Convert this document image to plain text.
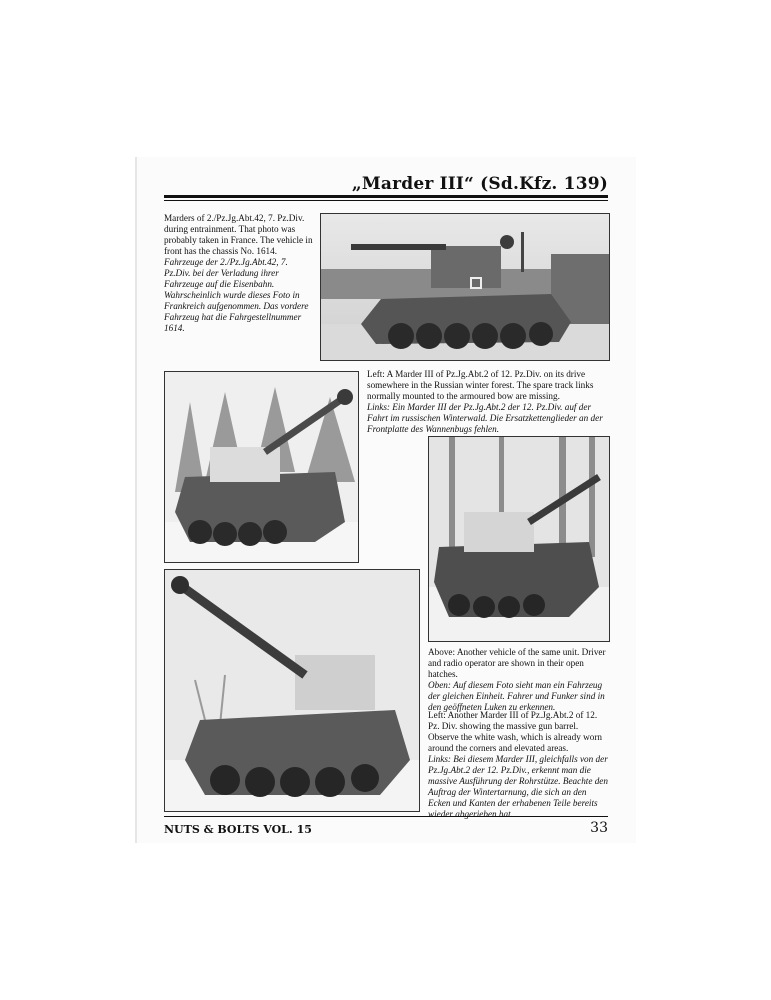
„Marder III“ (Sd.Kfz. 139)

Marders of 2./Pz.Jg.Abt.42, 7. Pz.Div. during entrainment. That photo was probably taken in France. The vehicle in front has the chassis No. 1614.

Fahrzeuge der 2./Pz.Jg.Abt.42, 7. Pz.Div. bei der Verladung ihrer Fahrzeuge auf die Eisenbahn. Wahrscheinlich wurde dieses Foto in Frankreich aufgenommen. Das vordere Fahrzeug hat die Fahrgestellnummer 1614.

Left: A Marder III of Pz.Jg.Abt.2 of 12. Pz.Div. on its drive somewhere in the Russian winter forest. The spare track links normally mounted to the armoured bow are missing.

Links: Ein Marder III der Pz.Jg.Abt.2 der 12. Pz.Div. auf der Fahrt im russischen Winterwald. Die Ersatzkettenglieder an der Frontplatte des Wannenbugs fehlen.

Above: Another vehicle of the same unit. Driver and radio operator are shown in their open hatches.

Oben: Auf diesem Foto sieht man ein Fahrzeug der gleichen Einheit. Fahrer und Funker sind in den geöffneten Luken zu erkennen.

Left: Another Marder III of Pz.Jg.Abt.2 of 12. Pz. Div. showing the massive gun barrel. Observe the white wash, which is already worn around the corners and elevated areas.

Links: Bei diesem Marder III, gleichfalls von der Pz.Jg.Abt.2 der 12. Pz.Div., erkennt man die massive Ausführung der Rohrstütze. Beachte den Auftrag der Wintertarnung, die sich an den Ecken und Kanten der erhabenen Teile bereits wieder abgerieben hat.

NUTS & BOLTS VOL. 15	33
